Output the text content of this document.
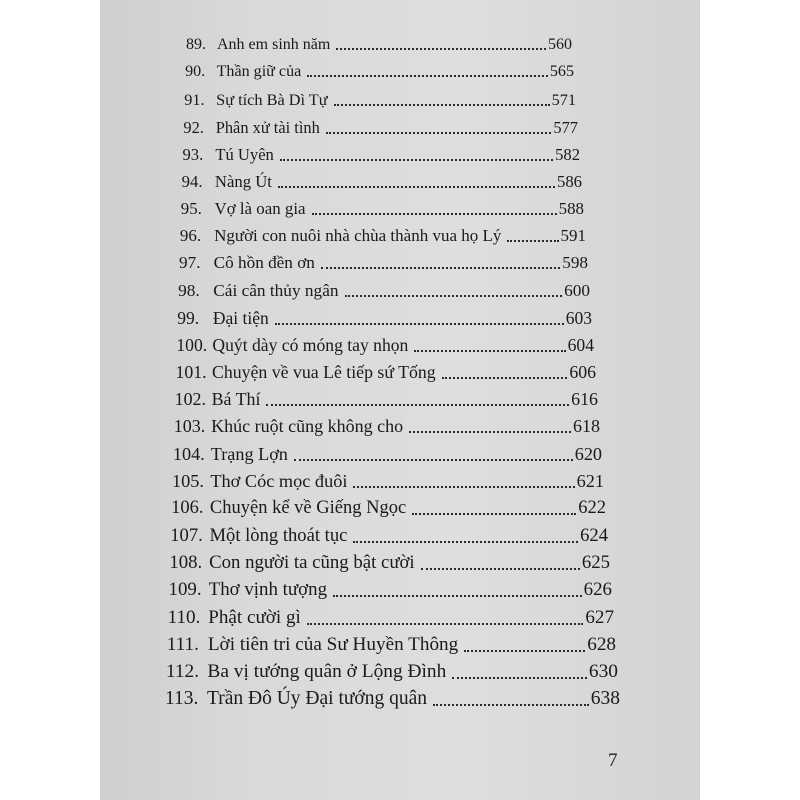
89. Anh em sinh năm	560
90. Thần giữ của	565
91. Sự tích Bà Dì Tự	571
92. Phân xử tài tình	577
93. Tú Uyên	582
94. Nàng Út	586
95. Vợ là oan gia	588
96. Người con nuôi nhà chùa thành vua họ Lý	591
97. Cô hồn đền ơn	598
98. Cái cân thủy ngân	600
99. Đại tiện	603
100. Quýt dày có móng tay nhọn	604
101. Chuyện về vua Lê tiếp sứ Tống	606
102. Bá Thí	616
103. Khúc ruột cũng không cho	618
104. Trạng Lợn	620
105. Thơ Cóc mọc đuôi	621
106. Chuyện kể về Giếng Ngọc	622
107. Một lòng thoát tục	624
108. Con người ta cũng bật cười	625
109. Thơ vịnh tượng	626
110. Phật cười gì	627
111. Lời tiên tri của Sư Huyền Thông	628
112. Ba vị tướng quân ở Lộng Đình	630
113. Trần Đô Úy Đại tướng quân	638
7
